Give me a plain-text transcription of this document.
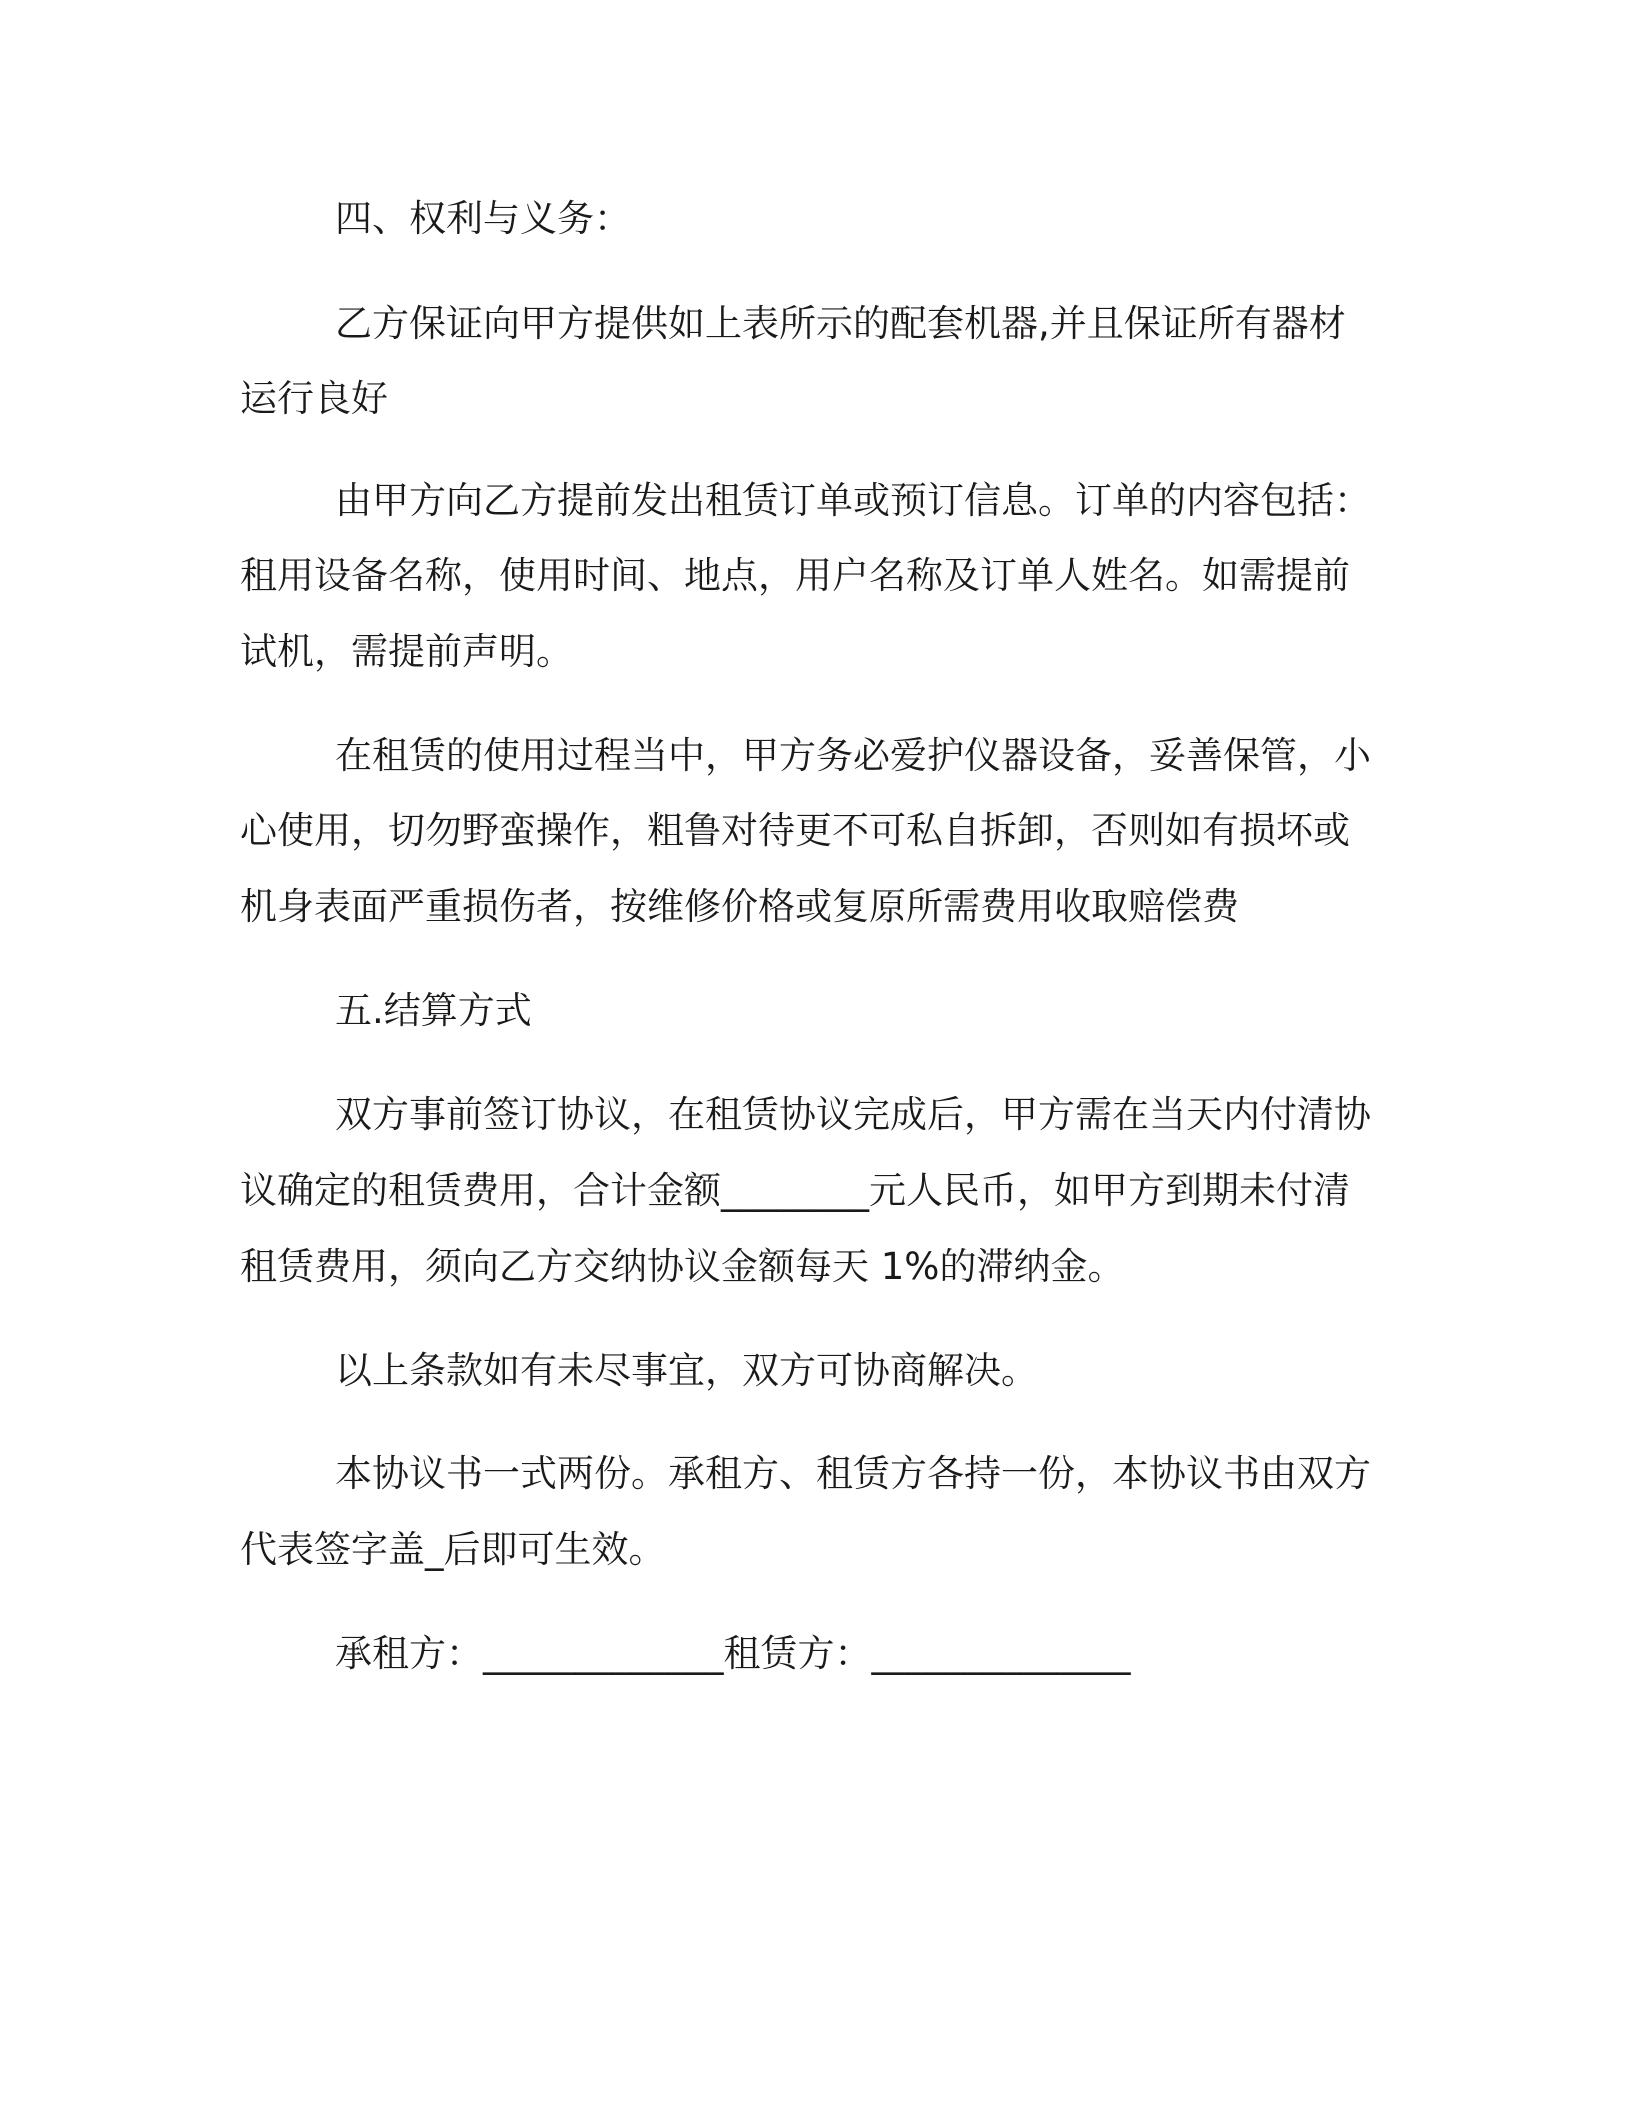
四、权利与义务：

乙方保证向甲方提供如上表所示的配套机器,并且保证所有器材

运行良好

由甲方向乙方提前发出租赁订单或预订信息。订单的内容包括：

租用设备名称，使用时间、地点，用户名称及订单人姓名。如需提前

试机，需提前声明。

在租赁的使用过程当中，甲方务必爱护仪器设备，妥善保管，小

心使用，切勿野蛮操作，粗鲁对待更不可私自拆卸，否则如有损坏或

机身表面严重损伤者，按维修价格或复原所需费用收取赔偿费

五.结算方式

双方事前签订协议，在租赁协议完成后，甲方需在当天内付清协

议确定的租赁费用，合计金额________元人民币，如甲方到期未付清

租赁费用，须向乙方交纳协议金额每天 1%的滞纳金。

以上条款如有未尽事宜，双方可协商解决。

本协议书一式两份。承租方、租赁方各持一份，本协议书由双方

代表签字盖_后即可生效。

承租方：_____________租赁方：______________
